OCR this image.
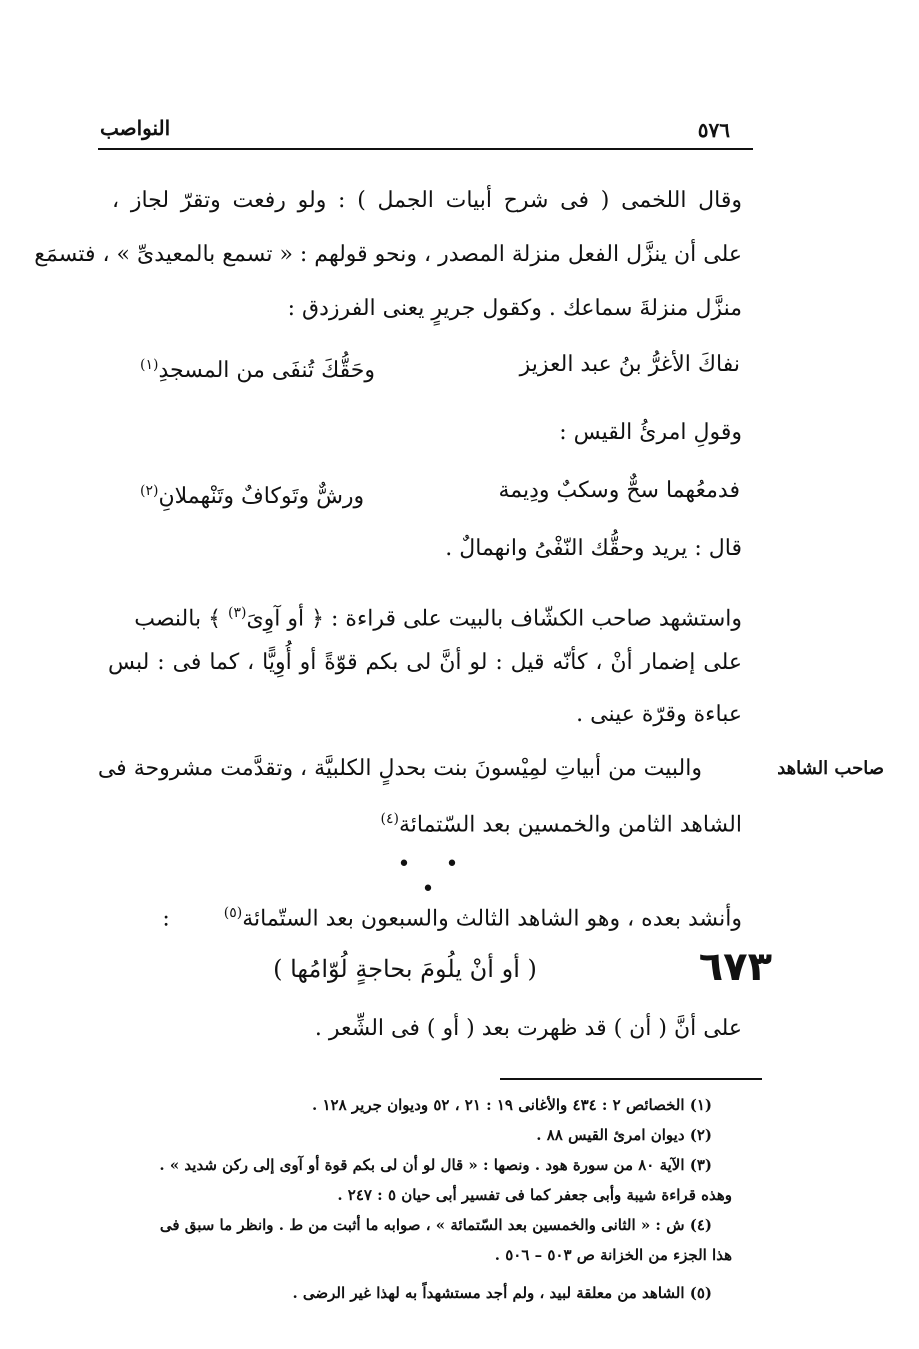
٥٧٦
النواصب
وقال اللخمى ( فى شرح أبيات الجمل ) : ولو رفعت وتقرّ لجاز ،
على أن ينزَّل الفعل منزلة المصدر ، ونحو قولهم : « تسمع بالمعيدىِّ » ، فتسمَع
منزَّل منزلةَ سماعك . وكقول جريرٍ يعنى الفرزدق :
نفاكَ الأغرُّ بنُ عبد العزيز
وحَقُّكَ تُنفَى من المسجدِ(١)
وقولِ امرئُ القيس :
فدمعُهما سحٌّ وسكبٌ ودِيمة
ورشٌّ وتَوكافٌ وتَنْهملانِ(٢)
قال : يريد وحقُّك النّفْىُ وانهمالٌ .
واستشهد صاحب الكشّاف بالبيت على قراءة : ﴿ أو آوِىَ$^{(٣)}$ ﴾ بالنصب
على إضمار أنْ ، كأنّه قيل : لو أنَّ لى بكم قوّةً أو أُوِيًّا ، كما فى : لبس
عباءة وقرّة عينى .
صاحب الشاهد
والبيت من أبياتِ لمِيْسونَ بنت بحدلٍ الكلبيَّة ، وتقدَّمت مشروحة فى
الشاهد الثامن والخمسين بعد السّتمائة$^{(٤)}$
• • •
وأنشد بعده ، وهو الشاهد الثالث والسبعون بعد الستّمائة$^{(٥)}$  :
٦٧٣
( أو أنْ يلُومَ بحاجةٍ لُوّامُها )
على أنَّ ( أن ) قد ظهرت بعد ( أو ) فى الشِّعر .
(١) الخصائص ٢ : ٤٣٤ والأغانى ١٩ : ٢١ ، ٥٢ وديوان جرير ١٢٨ .
(٢) ديوان امرئ القيس ٨٨ .
(٣) الآية ٨٠ من سورة هود . ونصها : « قال لو أن لى بكم قوة أو آوى إلى ركن شديد » .
وهذه قراءة شيبة وأبى جعفر كما فى تفسير أبى حيان ٥ : ٢٤٧ .
(٤) ش : « الثانى والخمسين بعد السّتمائة » ، صوابه ما أثبت من ط . وانظر ما سبق فى
هذا الجزء من الخزانة ص ٥٠٣ – ٥٠٦ .
(٥) الشاهد من معلقة لبيد ، ولم أجد مستشهداً به لهذا غير الرضى .
